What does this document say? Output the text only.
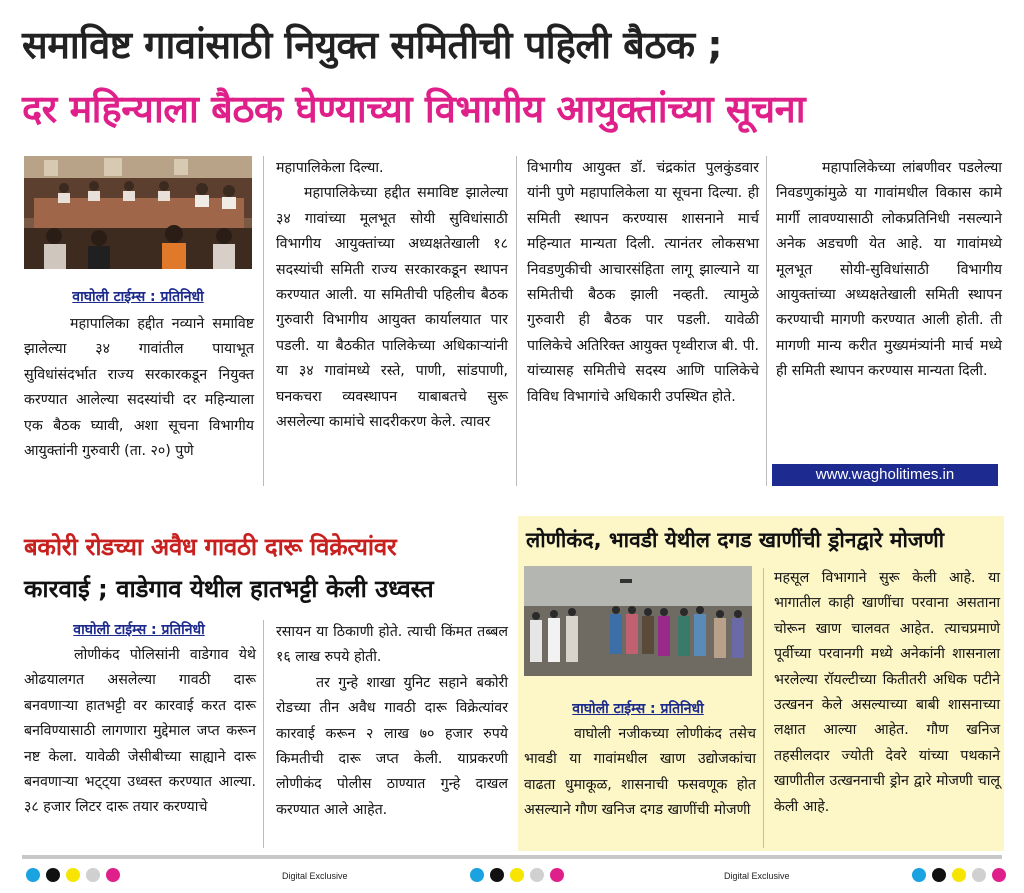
समाविष्ट गावांसाठी नियुक्त समितीची पहिली बैठक ;
दर महिन्याला बैठक घेण्याच्या विभागीय आयुक्तांच्या सूचना
वाघोली टाईम्स : प्रतिनिधी

महापालिका हद्दीत नव्याने समाविष्ट झालेल्या ३४ गावांतील पायाभूत सुविधांसंदर्भात राज्य सरकारकडून नियुक्त करण्यात आलेल्या सदस्यांची दर महिन्याला एक बैठक घ्यावी, अशा सूचना विभागीय आयुक्तांनी गुरुवारी (ता. २०) पुणे

महापालिकेला दिल्या.

महापालिकेच्या हद्दीत समाविष्ट झालेल्या ३४ गावांच्या मूलभूत सोयी सुविधांसाठी विभागीय आयुक्तांच्या अध्यक्षतेखाली १८ सदस्यांची समिती राज्य सरकारकडून स्थापन करण्यात आली. या समितीची पहिलीच बैठक गुरुवारी विभागीय आयुक्त कार्यालयात पार पडली. या बैठकीत पालिकेच्या अधिकाऱ्यांनी या ३४ गावांमध्ये रस्ते, पाणी, सांडपाणी, घनकचरा व्यवस्थापन याबाबतचे सुरू असलेल्या कामांचे सादरीकरण केले. त्यावर

विभागीय आयुक्त डॉ. चंद्रकांत पुलकुंडवार यांनी पुणे महापालिकेला या सूचना दिल्या. ही समिती स्थापन करण्यास शासनाने मार्च महिन्यात मान्यता दिली. त्यानंतर लोकसभा निवडणुकीची आचारसंहिता लागू झाल्याने या समितीची बैठक झाली नव्हती. त्यामुळे गुरुवारी ही बैठक पार पडली. यावेळी पालिकेचे अतिरिक्त आयुक्त पृथ्वीराज बी. पी. यांच्यासह समितीचे सदस्य आणि पालिकेचे विविध विभागांचे अधिकारी उपस्थित होते.

महापालिकेच्या लांबणीवर पडलेल्या निवडणुकांमुळे या गावांमधील विकास कामे मार्गी लावण्यासाठी लोकप्रतिनिधी नसल्याने अनेक अडचणी येत आहे. या गावांमध्ये मूलभूत सोयी-सुविधांसाठी विभागीय आयुक्तांच्या अध्यक्षतेखाली समिती स्थापन करण्याची मागणी करण्यात आली होती. ती मागणी मान्य करीत मुख्यमंत्र्यांनी मार्च मध्ये ही समिती स्थापन करण्यास मान्यता दिली.

www.wagholitimes.in
बकोरी रोडच्या अवैध गावठी दारू विक्रेत्यांवर
कारवाई ; वाडेगाव येथील हातभट्टी केली उध्वस्त
वाघोली टाईम्स : प्रतिनिधी

लोणीकंद पोलिसांनी वाडेगाव येथे ओढयालगत असलेल्या गावठी दारू बनवणाऱ्या हातभट्टी वर कारवाई करत दारू बनविण्यासाठी लागणारा मुद्देमाल जप्त करून नष्ट केला. यावेळी जेसीबीच्या साह्याने दारू बनवणाऱ्या भट्ट्या उध्वस्त करण्यात आल्या. ३८ हजार लिटर दारू तयार करण्याचे

रसायन या ठिकाणी होते. त्याची किंमत तब्बल १६ लाख रुपये होती.

तर गुन्हे शाखा युनिट सहाने बकोरी रोडच्या तीन अवैध गावठी दारू विक्रेत्यांवर कारवाई करून २ लाख ७० हजार रुपये किमतीची दारू जप्त केली. याप्रकरणी लोणीकंद पोलीस ठाण्यात गुन्हे दाखल करण्यात आले आहेत.

लोणीकंद, भावडी येथील दगड खाणींची ड्रोनद्वारे मोजणी
वाघोली टाईम्स : प्रतिनिधी

वाघोली नजीकच्या लोणीकंद तसेच भावडी या गावांमधील खाण उद्योजकांचा वाढता धुमाकूळ, शासनाची फसवणूक होत असल्याने गौण खनिज दगड खाणींची मोजणी

महसूल विभागाने सुरू केली आहे. या भागातील काही खाणींचा परवाना असताना चोरून खाण चालवत आहेत. त्याचप्रमाणे पूर्वीच्या परवानगी मध्ये अनेकांनी शासनाला भरलेल्या रॉयल्टीच्या कितीतरी अधिक पटीने उत्खनन केले असल्याच्या बाबी शासनाच्या लक्षात आल्या आहेत. गौण खनिज तहसीलदार ज्योती देवरे यांच्या पथकाने खाणीतील उत्खननाची ड्रोन द्वारे मोजणी चालू केली आहे.

Digital Exclusive	Digital Exclusive
